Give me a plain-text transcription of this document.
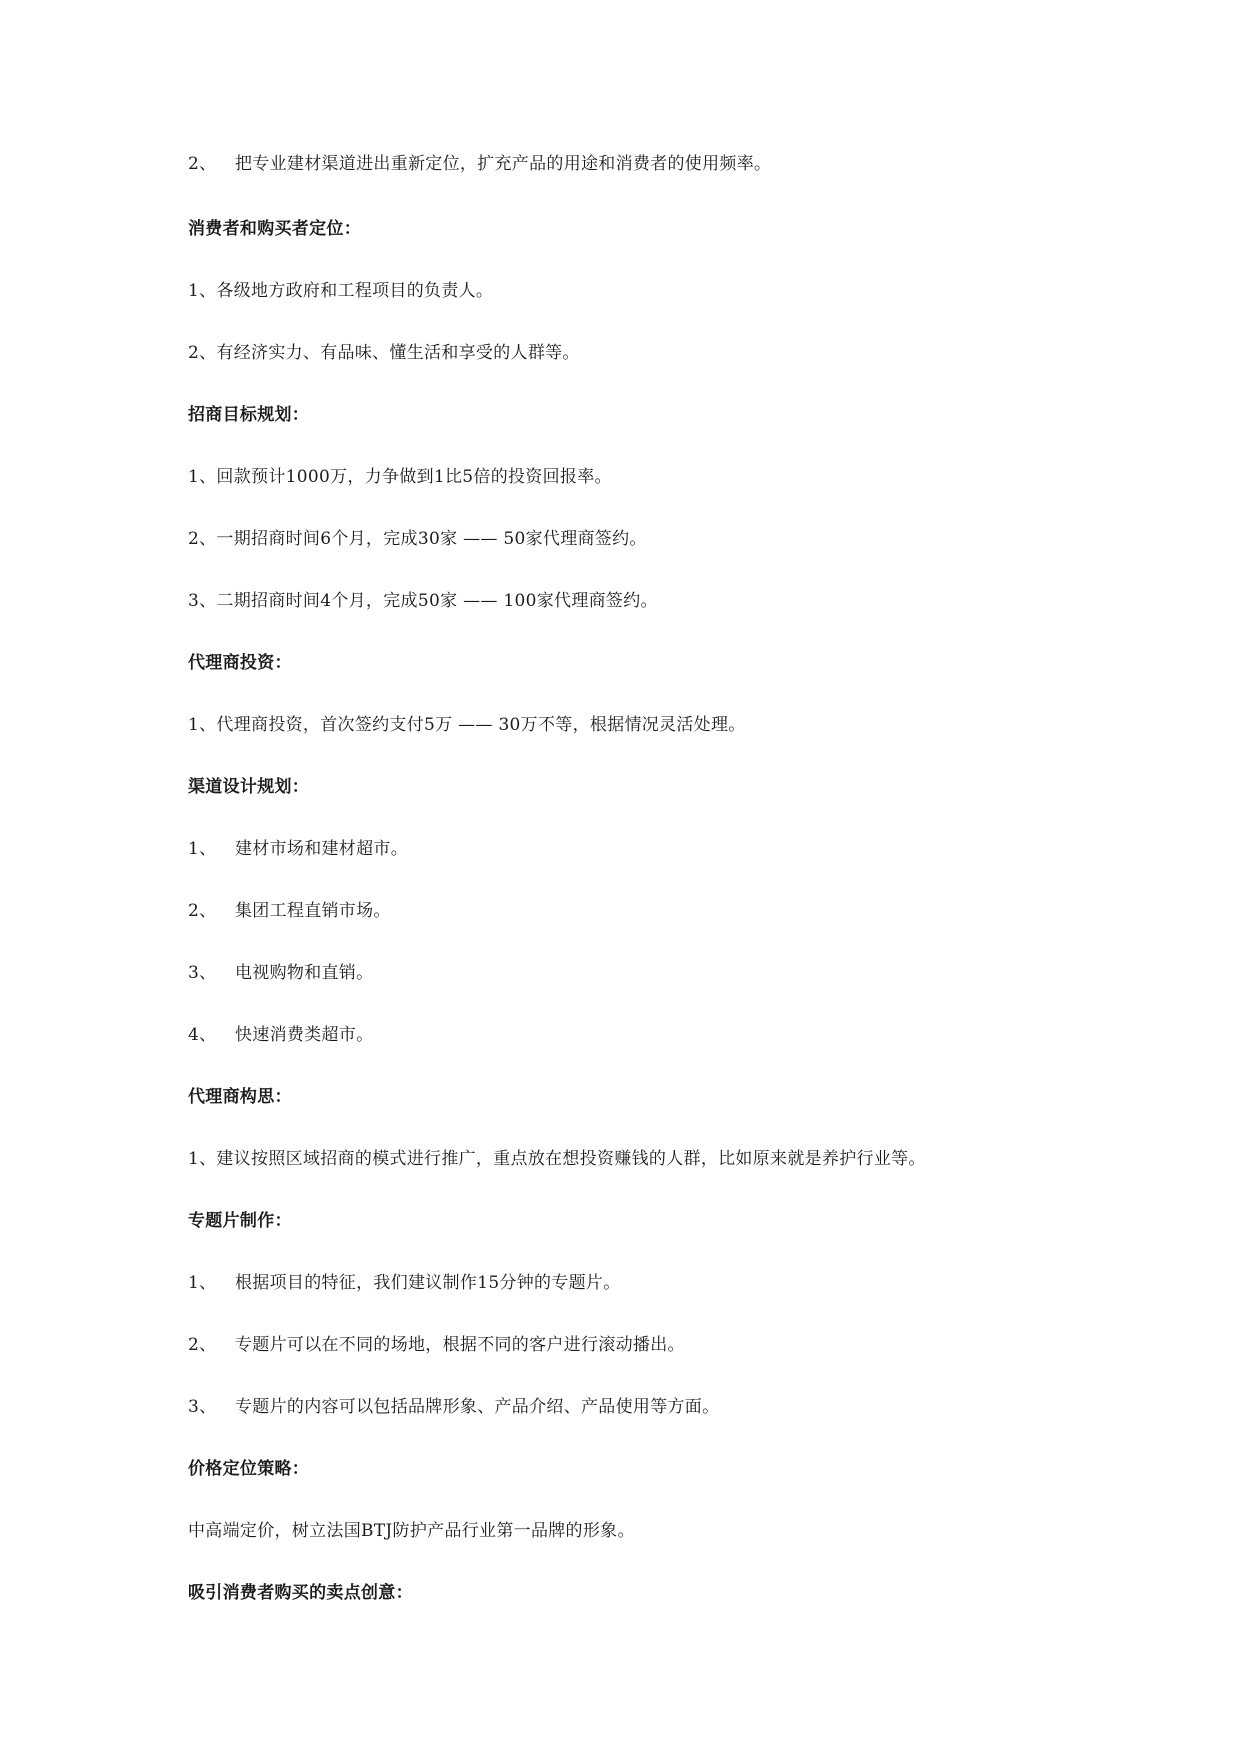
2、 把专业建材渠道进出重新定位，扩充产品的用途和消费者的使用频率。
消费者和购买者定位：
1、各级地方政府和工程项目的负责人。
2、有经济实力、有品味、懂生活和享受的人群等。
招商目标规划：
1、回款预计1000万，力争做到1比5倍的投资回报率。
2、一期招商时间6个月，完成30家 —— 50家代理商签约。
3、二期招商时间4个月，完成50家 —— 100家代理商签约。
代理商投资：
1、代理商投资，首次签约支付5万 —— 30万不等，根据情况灵活处理。
渠道设计规划：
1、 建材市场和建材超市。
2、 集团工程直销市场。
3、 电视购物和直销。
4、 快速消费类超市。
代理商构思：
1、建议按照区域招商的模式进行推广，重点放在想投资赚钱的人群，比如原来就是养护行业等。
专题片制作：
1、 根据项目的特征，我们建议制作15分钟的专题片。
2、 专题片可以在不同的场地，根据不同的客户进行滚动播出。
3、 专题片的内容可以包括品牌形象、产品介绍、产品使用等方面。
价格定位策略：
中高端定价，树立法国BTJ防护产品行业第一品牌的形象。
吸引消费者购买的卖点创意：
